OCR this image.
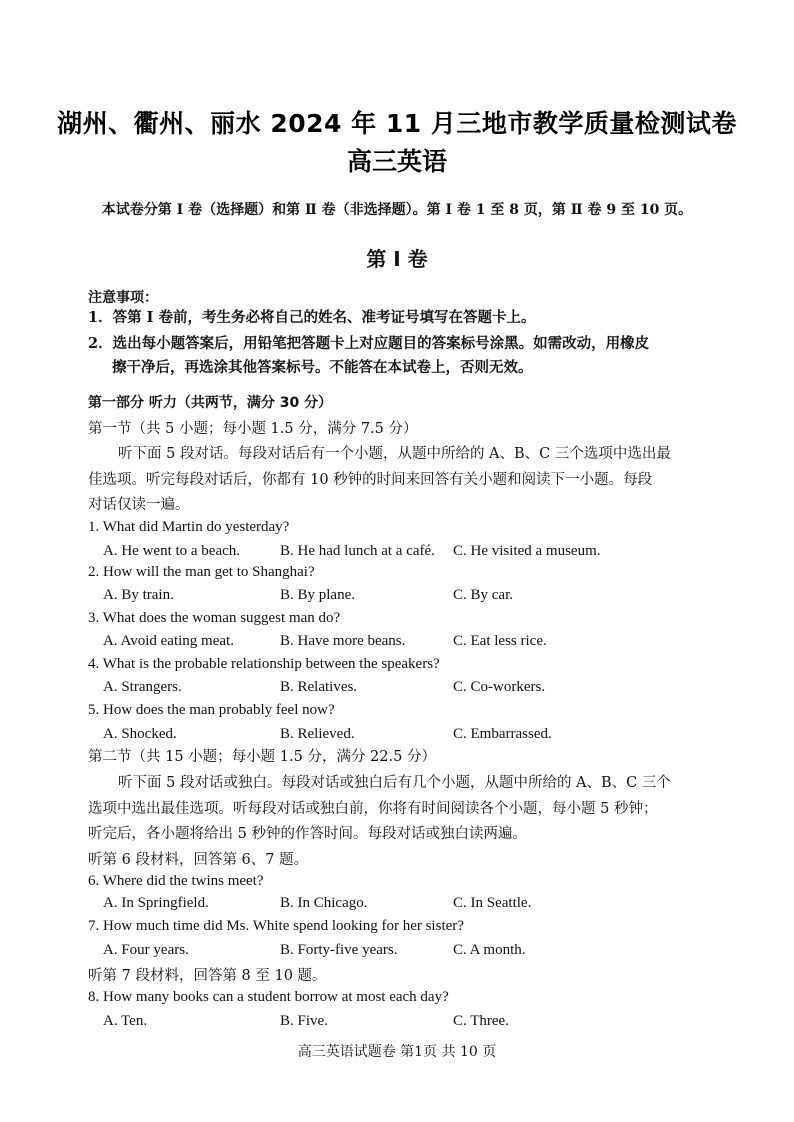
湖州、衢州、丽水 2024 年 11 月三地市教学质量检测试卷
高三英语
本试卷分第 Ⅰ 卷（选择题）和第 Ⅱ 卷（非选择题）。第 Ⅰ 卷 1 至 8 页，第 Ⅱ 卷 9 至 10 页。
第 Ⅰ 卷
注意事项：
1．答第 Ⅰ 卷前，考生务必将自己的姓名、准考证号填写在答题卡上。
2．选出每小题答案后，用铅笔把答题卡上对应题目的答案标号涂黑。如需改动，用橡皮
擦干净后，再选涂其他答案标号。不能答在本试卷上，否则无效。
第一部分 听力（共两节，满分 30 分）
第一节（共 5 小题；每小题 1.5 分，满分 7.5 分）
听下面 5 段对话。每段对话后有一个小题，从题中所给的 A、B、C 三个选项中选出最
佳选项。听完每段对话后，你都有 10 秒钟的时间来回答有关小题和阅读下一小题。每段
对话仅读一遍。
1. What did Martin do yesterday?
A. He went to a beach.	B. He had lunch at a café. C. He visited a museum.
2. How will the man get to Shanghai?
A. By train.	B. By plane.	C. By car.
3. What does the woman suggest man do?
A. Avoid eating meat.	B. Have more beans.	C. Eat less rice.
4. What is the probable relationship between the speakers?
A. Strangers.	B. Relatives.	C. Co-workers.
5. How does the man probably feel now?
A. Shocked.	B. Relieved.	C. Embarrassed.
第二节（共 15 小题；每小题 1.5 分，满分 22.5 分）
听下面 5 段对话或独白。每段对话或独白后有几个小题，从题中所给的 A、B、C 三个
选项中选出最佳选项。听每段对话或独白前，你将有时间阅读各个小题，每小题 5 秒钟；
听完后，各小题将给出 5 秒钟的作答时间。每段对话或独白读两遍。
听第 6 段材料，回答第 6、7 题。
6. Where did the twins meet?
A. In Springfield.	B. In Chicago.	C. In Seattle.
7. How much time did Ms. White spend looking for her sister?
A. Four years.	B. Forty-five years.	C. A month.
听第 7 段材料，回答第 8 至 10 题。
8. How many books can a student borrow at most each day?
A. Ten.	B. Five.	C. Three.
高三英语试题卷 第1页 共 10 页
